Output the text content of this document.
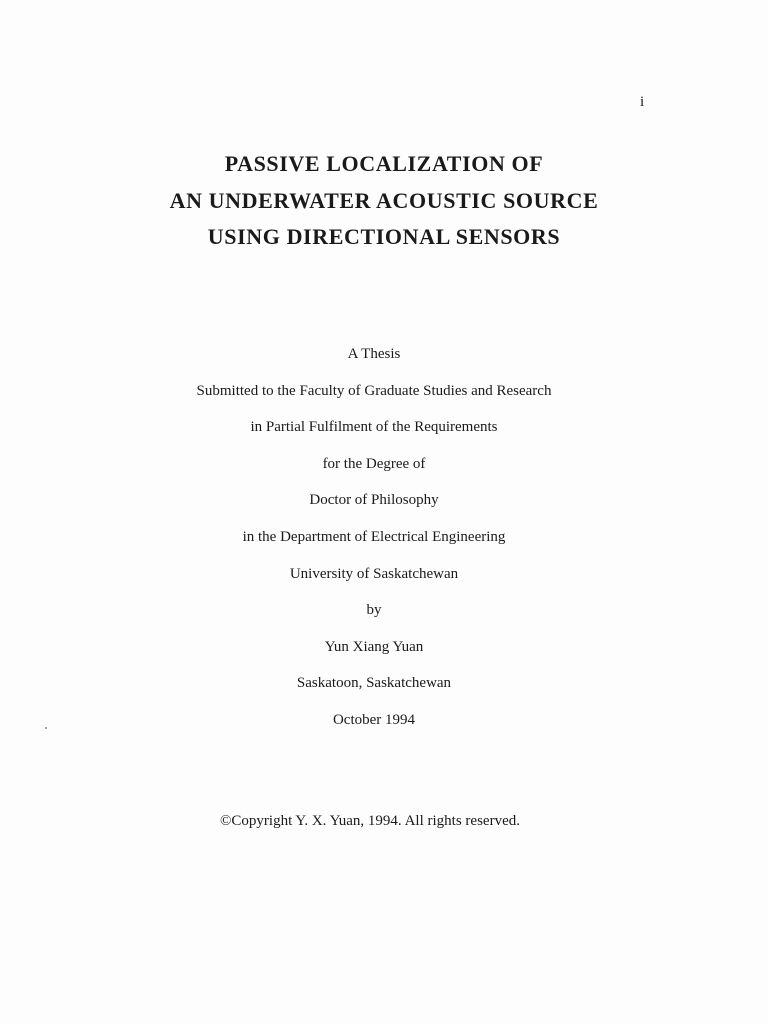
i
PASSIVE LOCALIZATION OF
AN UNDERWATER ACOUSTIC SOURCE
USING DIRECTIONAL SENSORS
A Thesis
Submitted to the Faculty of Graduate Studies and Research
in Partial Fulfilment of the Requirements
for the Degree of
Doctor of Philosophy
in the Department of Electrical Engineering
University of Saskatchewan
by
Yun Xiang Yuan
Saskatoon, Saskatchewan
October 1994
©Copyright Y. X. Yuan, 1994. All rights reserved.
